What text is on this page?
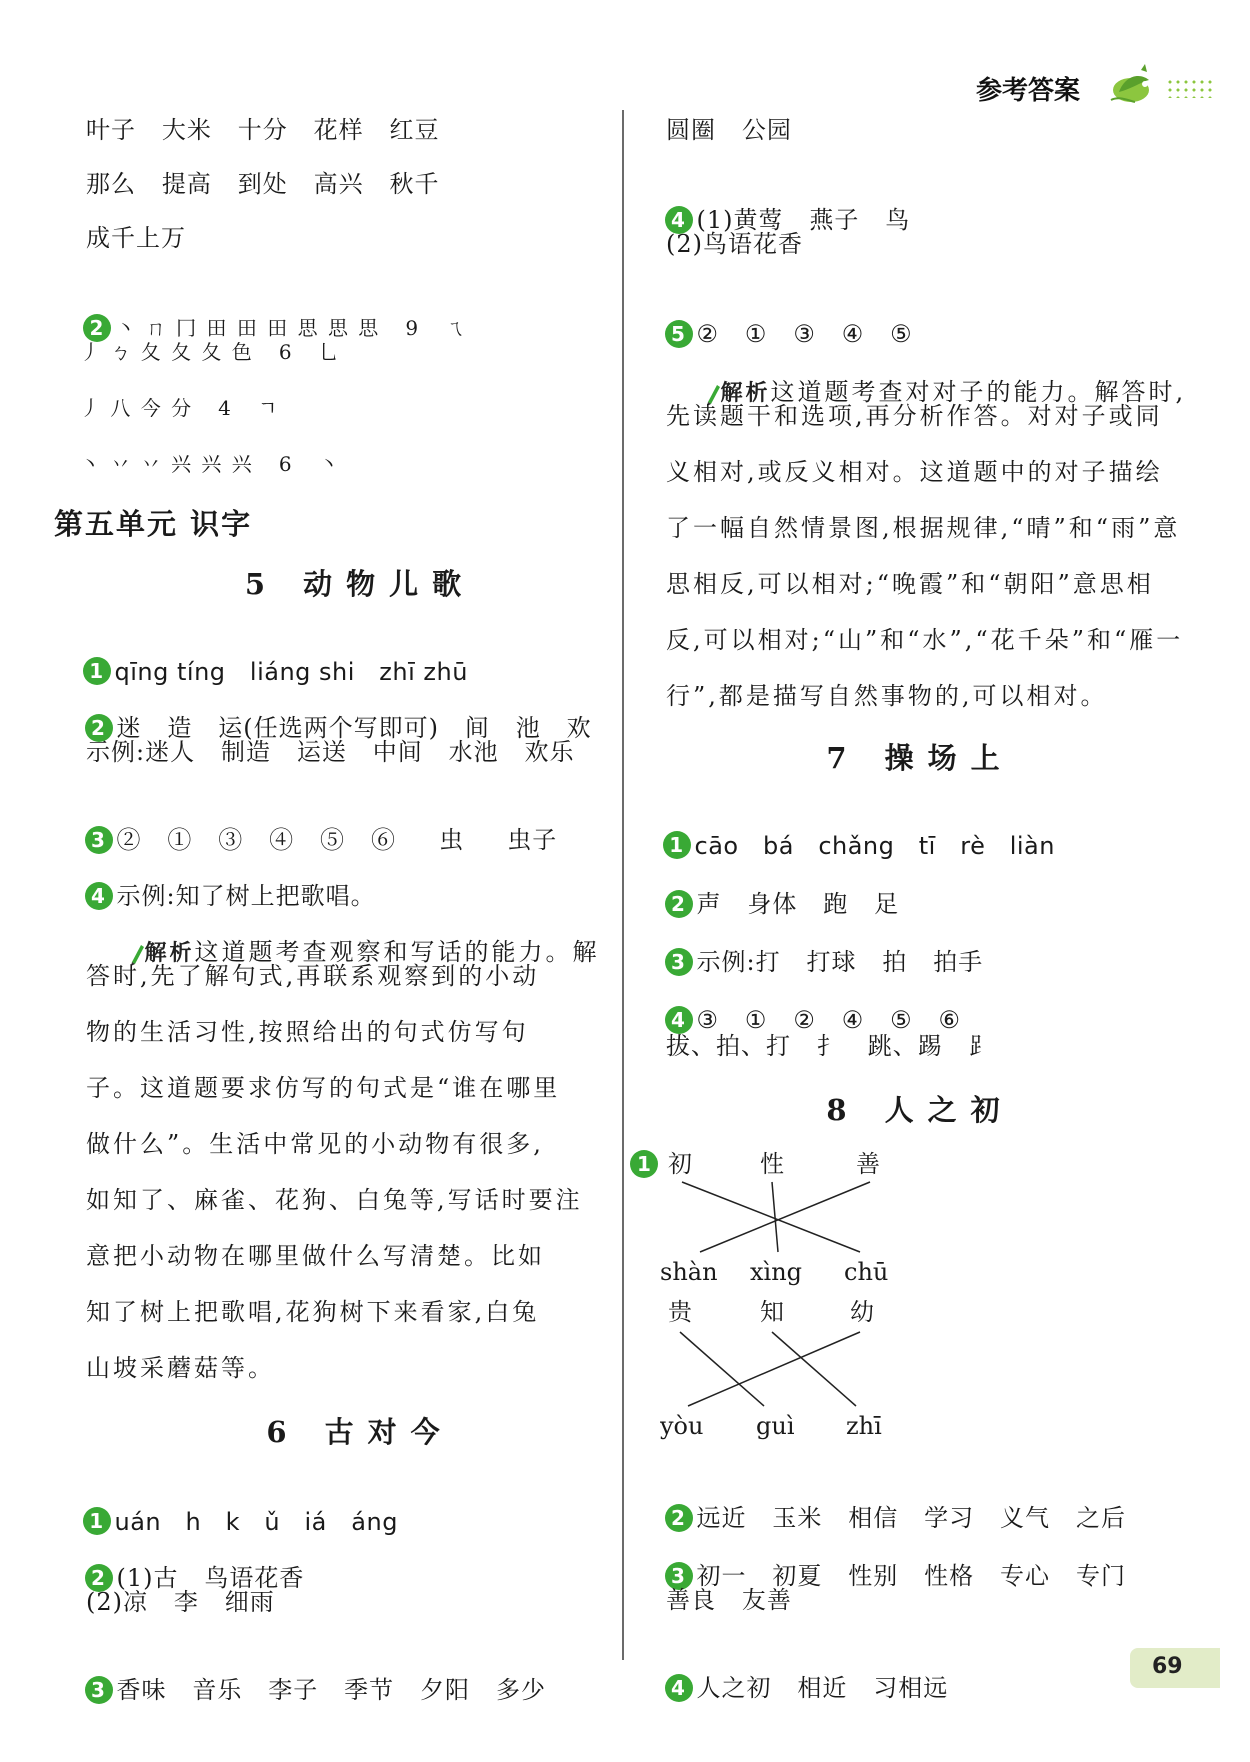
参考答案
叶子   大米   十分   花样   红豆
那么   提高   到处   高兴   秋千
成千上万

2 丶 ㄇ 冂 田 田 田 思 思 思   9   ㄟ

丿 ㄅ 夂 夂 夂 色   6   乚
丿 八 今 分   4   ㄱ
丶 丷 丷 兴 兴 兴   6   丶
第五单元 识字
5 动物儿歌

1 qīng tíng   liáng shi   zhī zhū

2 迷   造   运(任选两个写即可)   间   池   欢

示例:迷人   制造   运送   中间   水池   欢乐

3 ②   ①   ③   ④   ⑤   ⑥     虫     虫子

4 示例:知了树上把歌唱。

解析这道题考查观察和写话的能力。解

答时,先了解句式,再联系观察到的小动
物的生活习性,按照给出的句式仿写句
子。这道题要求仿写的句式是“谁在哪里
做什么”。生活中常见的小动物有很多,
如知了、麻雀、花狗、白兔等,写话时要注
意把小动物在哪里做什么写清楚。比如
知了树上把歌唱,花狗树下来看家,白兔
山坡采蘑菇等。
6 古对今

1 uán   h   k   ǔ   iá   áng

2 (1)古   鸟语花香

(2)凉   李   细雨

3 香味   音乐   李子   季节   夕阳   多少

圆圈   公园

4 (1)黄莺   燕子   鸟

(2)鸟语花香

5 ②   ①   ③   ④   ⑤

解析这道题考查对对子的能力。解答时,

先读题干和选项,再分析作答。对对子或同
义相对,或反义相对。这道题中的对子描绘
了一幅自然情景图,根据规律,“晴”和“雨”意
思相反,可以相对;“晚霞”和“朝阳”意思相
反,可以相对;“山”和“水”,“花千朵”和“雁一
行”,都是描写自然事物的,可以相对。
7 操场上

1 cāo   bá   chǎng   tī   rè   liàn

2 声   身体   跑   足

3 示例:打   打球   拍   拍手

4 ③   ①   ②   ④   ⑤   ⑥

拔、拍、打   扌   跳、踢   ⻊
8 人之初
1 初	性	善
shàn xìng chū
贵	知	幼
yòu guì zhī

2 远近   玉米   相信   学习   义气   之后

3 初一   初夏   性别   性格   专心   专门

善良   友善

4 人之初   相近   习相远

69
